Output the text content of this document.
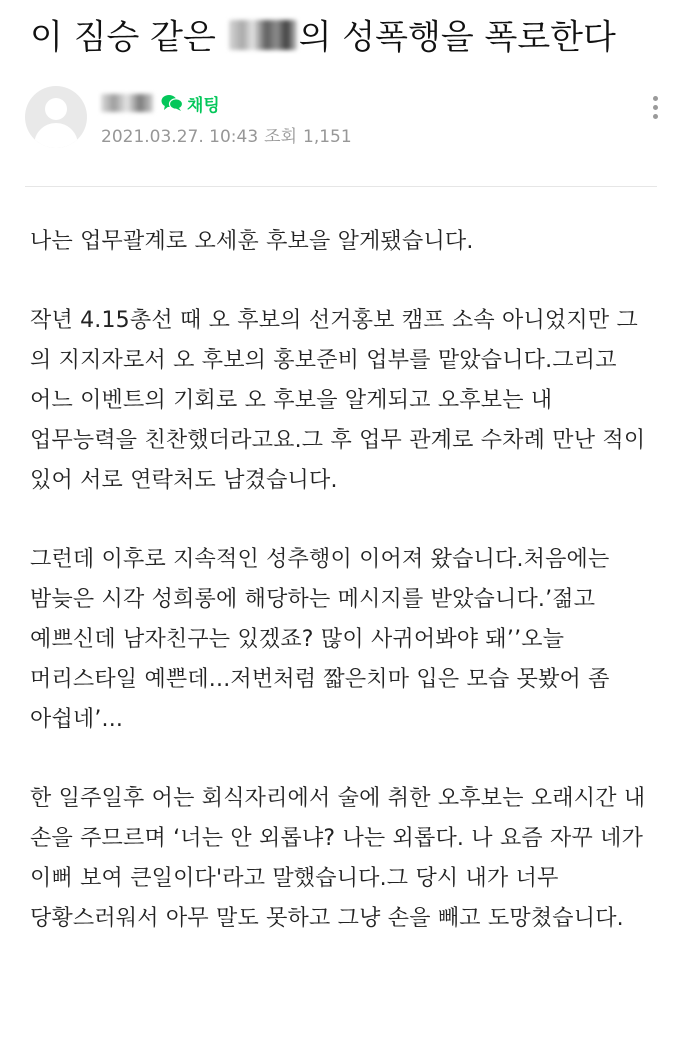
이 짐승 같은 의 성폭행을 폭로한다
채팅
2021.03.27. 10:43 조회 1,151

나는 업무괄계로 오세훈 후보을 알게됐습니다.

작년 4.15총선 때 오 후보의 선거홍보 캠프 소속 아니었지만 그 의 지지자로서 오 후보의 홍보준비 업부를 맡았습니다.그리고 어느 이벤트의 기회로 오 후보을 알게되고 오후보는 내 업무능력을 친찬했더라고요.그 후 업무 관계로 수차례 만난 적이 있어 서로 연락처도 남겼습니다.

그런데 이후로 지속적인 성추행이 이어져 왔습니다.처음에는 밤늦은 시각 성희롱에 해당하는 메시지를 받았습니다.’젊고 예쁘신데 남자친구는 있겠죠? 많이 사귀어봐야 돼’’오늘 머리스타일 예쁜데...저번처럼 짧은치마 입은 모습 못봤어 좀 아쉽네’...

한 일주일후 어는 회식자리에서 술에 취한 오후보는 오래시간 내 손을 주므르며 ‘너는 안 외롭냐? 나는 외롭다. 나 요즘 자꾸 네가 이뻐 보여 큰일이다'라고 말했습니다.그 당시 내가 너무 당황스러워서 아무 말도 못하고 그냥 손을 빼고 도망쳤습니다.
